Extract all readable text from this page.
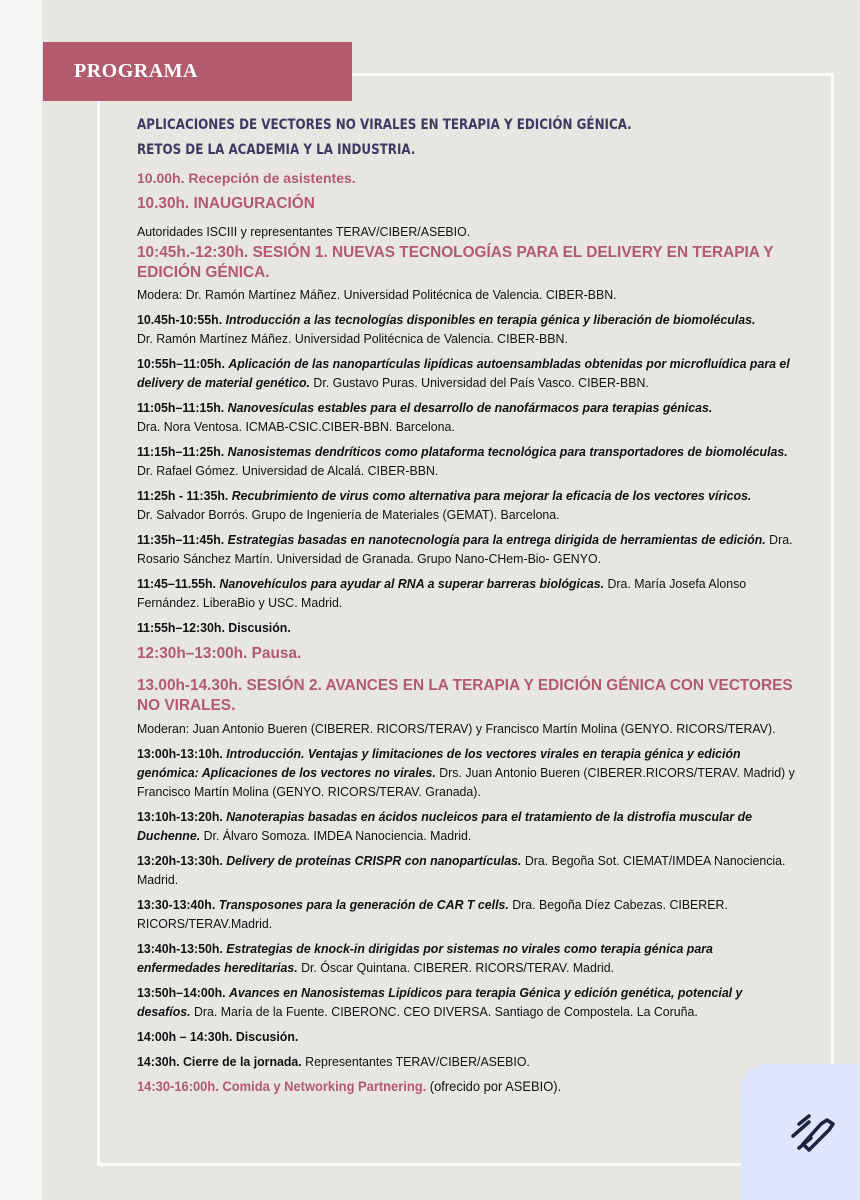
PROGRAMA
APLICACIONES DE VECTORES NO VIRALES EN TERAPIA Y EDICIÓN GÉNICA.
RETOS DE LA ACADEMIA Y LA INDUSTRIA.
10.00h. Recepción de asistentes.
10.30h. INAUGURACIÓN
Autoridades ISCIII y representantes TERAV/CIBER/ASEBIO.
10:45h.-12:30h. SESIÓN 1. NUEVAS TECNOLOGÍAS PARA EL DELIVERY EN TERAPIA Y EDICIÓN GÉNICA.
Modera: Dr. Ramón Martínez Máñez. Universidad Politécnica de Valencia. CIBER-BBN.
10.45h-10:55h. Introducción a las tecnologías disponibles en terapia génica y liberación de biomoléculas.
Dr. Ramón Martínez Máñez. Universidad Politécnica de Valencia. CIBER-BBN.
10:55h–11:05h. Aplicación de las nanopartículas lipídicas autoensambladas obtenidas por microfluídica para el delivery de material genético. Dr. Gustavo Puras. Universidad del País Vasco. CIBER-BBN.
11:05h–11:15h. Nanovesículas estables para el desarrollo de nanofármacos para terapias génicas.
Dra. Nora Ventosa. ICMAB-CSIC.CIBER-BBN. Barcelona.
11:15h–11:25h. Nanosistemas dendríticos como plataforma tecnológica para transportadores de biomoléculas. Dr. Rafael Gómez. Universidad de Alcalá. CIBER-BBN.
11:25h - 11:35h. Recubrimiento de virus como alternativa para mejorar la eficacia de los vectores víricos.
Dr. Salvador Borrós. Grupo de Ingeniería de Materiales (GEMAT). Barcelona.
11:35h–11:45h. Estrategias basadas en nanotecnología para la entrega dirigida de herramientas de edición. Dra. Rosario Sánchez Martín. Universidad de Granada. Grupo Nano-CHem-Bio- GENYO.
11:45–11.55h. Nanovehículos para ayudar al RNA a superar barreras biológicas. Dra. María Josefa Alonso Fernández. LiberaBio y USC. Madrid.
11:55h–12:30h. Discusión.
12:30h–13:00h. Pausa.
13.00h-14.30h. SESIÓN 2. AVANCES EN LA TERAPIA Y EDICIÓN GÉNICA CON VECTORES NO VIRALES.
Moderan: Juan Antonio Bueren (CIBERER. RICORS/TERAV) y Francisco Martín Molina (GENYO. RICORS/TERAV).
13:00h-13:10h. Introducción. Ventajas y limitaciones de los vectores virales en terapia génica y edición genómica: Aplicaciones de los vectores no virales. Drs. Juan Antonio Bueren (CIBERER.RICORS/TERAV. Madrid) y Francisco Martín Molina (GENYO. RICORS/TERAV. Granada).
13:10h-13:20h. Nanoterapias basadas en ácidos nucleicos para el tratamiento de la distrofia muscular de Duchenne. Dr. Álvaro Somoza. IMDEA Nanociencia. Madrid.
13:20h-13:30h. Delivery de proteínas CRISPR con nanopartículas. Dra. Begoña Sot. CIEMAT/IMDEA Nanociencia. Madrid.
13:30-13:40h. Transposones para la generación de CAR T cells. Dra. Begoña Díez Cabezas. CIBERER. RICORS/TERAV.Madrid.
13:40h-13:50h. Estrategias de knock-in dirigidas por sistemas no virales como terapia génica para enfermedades hereditarias. Dr. Óscar Quintana. CIBERER. RICORS/TERAV. Madrid.
13:50h–14:00h. Avances en Nanosistemas Lipídicos para terapia Génica y edición genética, potencial y desafíos. Dra. María de la Fuente. CIBERONC. CEO DIVERSA. Santiago de Compostela. La Coruña.
14:00h – 14:30h. Discusión.
14:30h. Cierre de la jornada. Representantes TERAV/CIBER/ASEBIO.
14:30-16:00h. Comida y Networking Partnering. (ofrecido por ASEBIO).
